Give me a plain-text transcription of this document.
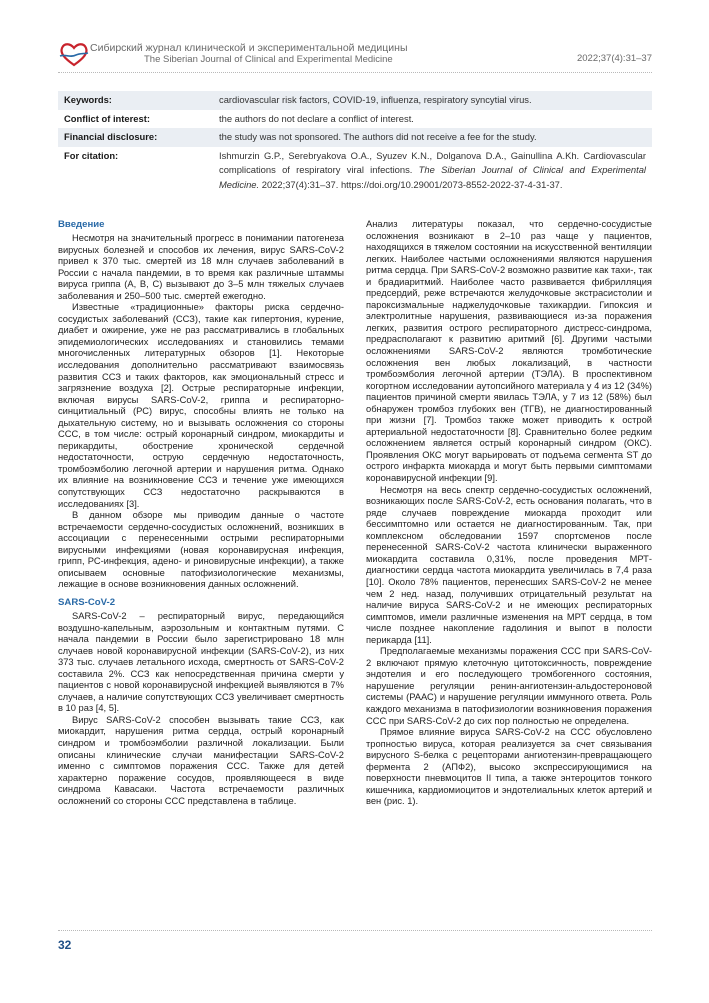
Сибирский журнал клинической и экспериментальной медицины
The Siberian Journal of Clinical and Experimental Medicine	2022;37(4):31–37
Keywords:	cardiovascular risk factors, COVID-19, influenza, respiratory syncytial virus.
Conflict of interest:	the authors do not declare a conflict of interest.
Financial disclosure:	the study was not sponsored. The authors did not receive a fee for the study.
For citation:	Ishmurzin G.P., Serebryakova O.A., Syuzev K.N., Dolganova D.A., Gainullina A.Kh. Cardiovascular complications of respiratory viral infections. The Siberian Journal of Clinical and Experimental Medicine. 2022;37(4):31–37. https://doi.org/10.29001/2073-8552-2022-37-4-31-37.
Введение

Несмотря на значительный прогресс в понимании патогенеза вирусных болезней и способов их лечения, вирус SARS-CoV-2 привел к 370 тыс. смертей из 18 млн случаев заболеваний в России с начала пандемии, в то время как различные штаммы вируса гриппа (А, В, С) вызывают до 3–5 млн тяжелых случаев заболевания и 250–500 тыс. смертей ежегодно.

Известные «традиционные» факторы риска сердечно-сосудистых заболеваний (ССЗ), такие как гипертония, курение, диабет и ожирение, уже не раз рассматривались в глобальных эпидемиологических исследованиях и становились темами многочисленных литературных обзоров [1]. Некоторые исследования дополнительно рассматривают взаимосвязь развития ССЗ и таких факторов, как эмоциональный стресс и загрязнение воздуха [2]. Острые респираторные инфекции, включая вирусы SARS-CoV-2, гриппа и респираторно-синцитиальный (РС) вирус, способны влиять не только на дыхательную систему, но и вызывать осложнения со стороны ССС, в том числе: острый коронарный синдром, миокардиты и перикардиты, обострение хронической сердечной недостаточности, острую сердечную недостаточность, тромбоэмболию легочной артерии и нарушения ритма. Однако их влияние на возникновение ССЗ и течение уже имеющихся сопутствующих ССЗ недостаточно раскрываются в исследованиях [3].

В данном обзоре мы приводим данные о частоте встречаемости сердечно-сосудистых осложнений, возникших в ассоциации с перенесенными острыми респираторными вирусными инфекциями (новая коронавирусная инфекция, грипп, РС-инфекция, адено- и риновирусные инфекции), а также описываем основные патофизиологические механизмы, лежащие в основе возникновения данных осложнений.

SARS-CoV-2

SARS-CoV-2 – респираторный вирус, передающийся воздушно-капельным, аэрозольным и контактным путями. С начала пандемии в России было зарегистрировано 18 млн случаев новой коронавирусной инфекции (SARS-CoV-2), из них 373 тыс. случаев летального исхода, смертность от SARS-CoV-2 составила 2%. ССЗ как непосредственная причина смерти у пациентов с новой коронавирусной инфекцией выявляются в 7% случаев, а наличие сопутствующих ССЗ увеличивает смертность в 10 раз [4, 5].

Вирус SARS-CoV-2 способен вызывать такие ССЗ, как миокардит, нарушения ритма сердца, острый коронарный синдром и тромбоэмболии различной локализации. Были описаны клинические случаи манифестации SARS-CoV-2 именно с симптомов поражения ССС. Также для детей характерно поражение сосудов, проявляющееся в виде синдрома Кавасаки. Частота встречаемости различных осложнений со стороны ССС представлена в таблице.

Анализ литературы показал, что сердечно-сосудистые осложнения возникают в 2–10 раз чаще у пациентов, находящихся в тяжелом состоянии на искусственной вентиляции легких. Наиболее частыми осложнениями являются нарушения ритма сердца. При SARS-CoV-2 возможно развитие как тахи-, так и брадиаритмий. Наиболее часто развивается фибрилляция предсердий, реже встречаются желудочковые экстрасистолии и пароксизмальные наджелудочковые тахикардии. Гипоксия и электролитные нарушения, развивающиеся из-за поражения легких, развития острого респираторного дистресс-синдрома, предрасполагают к развитию аритмий [6]. Другими частыми осложнениями SARS-CoV-2 являются тромботические осложнения вен любых локализаций, в частности тромбоэмболия легочной артерии (ТЭЛА). В проспективном когортном исследовании аутопсийного материала у 4 из 12 (34%) пациентов причиной смерти явилась ТЭЛА, у 7 из 12 (58%) был обнаружен тромбоз глубоких вен (ТГВ), не диагностированный при жизни [7]. Тромбоз также может приводить к острой артериальной недостаточности [8]. Сравнительно более редким осложнением является острый коронарный синдром (ОКС). Проявления ОКС могут варьировать от подъема сегмента ST до острого инфаркта миокарда и могут быть первыми симптомами коронавирусной инфекции [9].

Несмотря на весь спектр сердечно-сосудистых осложнений, возникающих после SARS-CoV-2, есть основания полагать, что в ряде случаев повреждение миокарда проходит или бессимптомно или остается не диагностированным. Так, при комплексном обследовании 1597 спортсменов после перенесенной SARS-CoV-2 частота клинически выраженного миокардита составила 0,31%, после проведения МРТ-диагностики сердца частота миокардита увеличилась в 7,4 раза [10]. Около 78% пациентов, перенесших SARS-CoV-2 не менее чем 2 нед. назад, получивших отрицательный результат на наличие вируса SARS-CoV-2 и не имеющих респираторных симптомов, имели различные изменения на МРТ сердца, в том числе позднее накопление гадолиния и выпот в полости перикарда [11].

Предполагаемые механизмы поражения ССС при SARS-CoV-2 включают прямую клеточную цитотоксичность, повреждение эндотелия и его последующего тромбогенного состояния, нарушение регуляции ренин-ангиотензин-альдостероновой системы (РААС) и нарушение регуляции иммунного ответа. Роль каждого механизма в патофизиологии возникновения поражения ССС при SARS-CoV-2 до сих пор полностью не определена.

Прямое влияние вируса SARS-CoV-2 на ССС обусловлено тропностью вируса, которая реализуется за счет связывания вирусного S-белка с рецепторами ангиотензин-превращающего фермента 2 (АПФ2), высоко экспрессирующимися на поверхности пневмоцитов II типа, а также энтероцитов тонкого кишечника, кардиомиоцитов и эндотелиальных клеток артерий и вен (рис. 1).

32
